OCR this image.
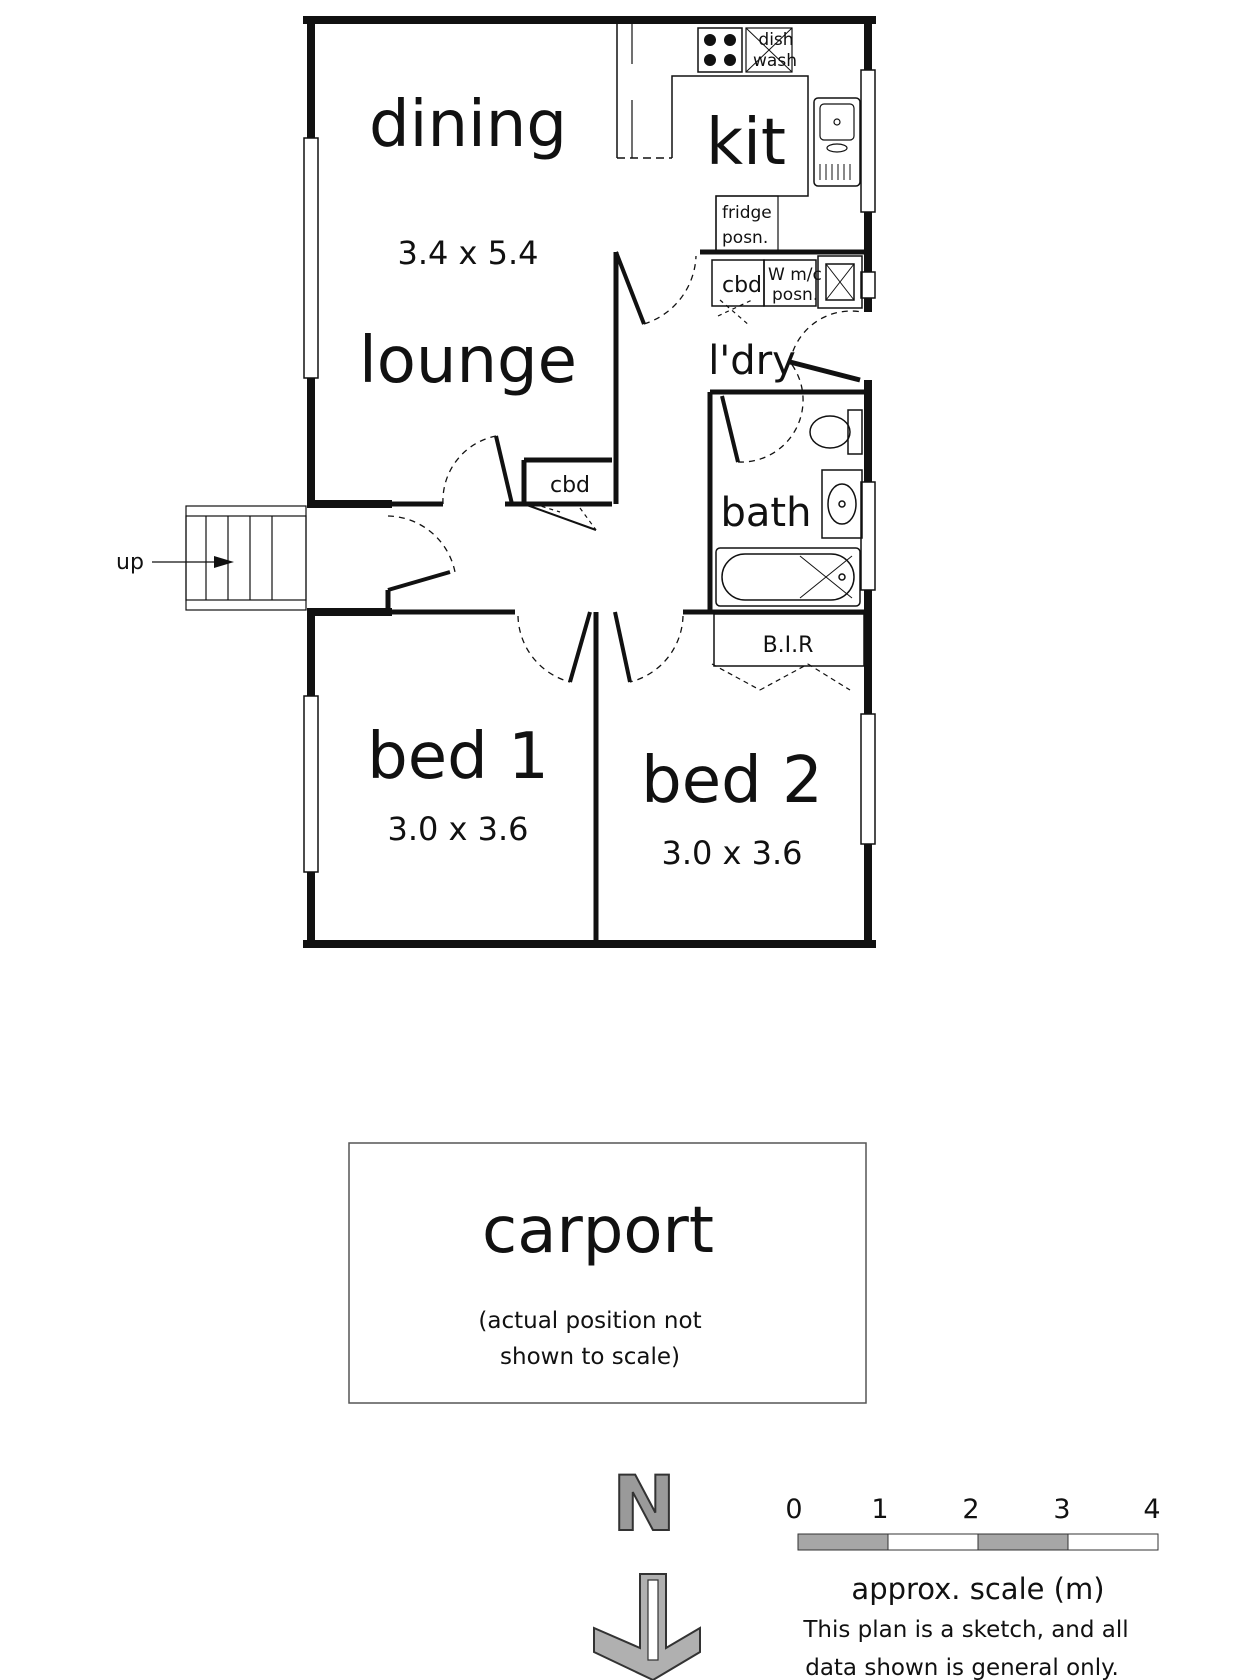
dining kit
3.4 x 5.4
lounge	l'dry
bath
bed 1
3.0 x 3.6
bed 2
3.0 x 3.6
B.I.R
dish
wash
fridge
posn.
cbd W m/c
posn.
cbd
up
carport
(actual position not
shown to scale)
N	0	1	2	3	4
approx. scale (m)
This plan is a sketch, and all
data shown is general only.
